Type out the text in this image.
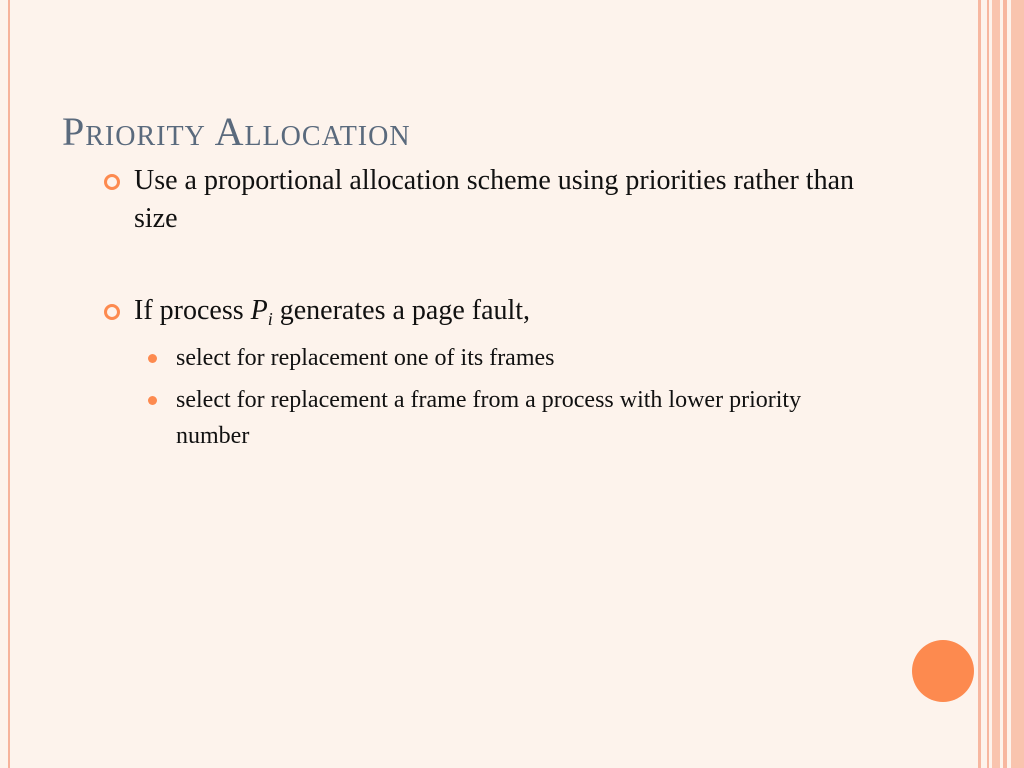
Priority Allocation
Use a proportional allocation scheme using priorities rather than size
If process $P_i$ generates a page fault,
select for replacement one of its frames
select for replacement a frame from a process with lower priority number
